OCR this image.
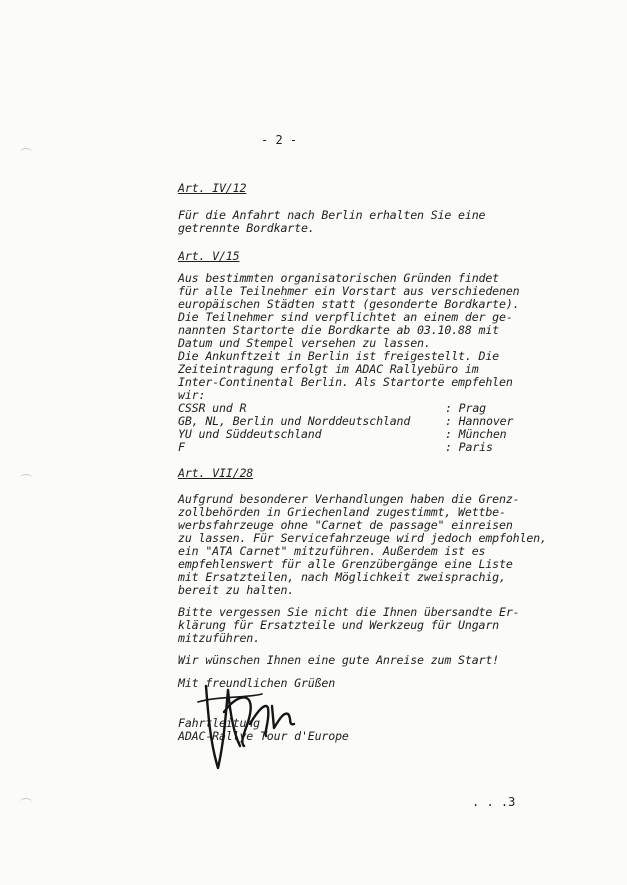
- 2 -
Art. IV/12
Für die Anfahrt nach Berlin erhalten Sie eine
getrennte Bordkarte.
Art. V/15
Aus bestimmten organisatorischen Gründen findet
für alle Teilnehmer ein Vorstart aus verschiedenen
europäischen Städten statt (gesonderte Bordkarte).
Die Teilnehmer sind verpflichtet an einem der ge-
nannten Startorte die Bordkarte ab 03.10.88 mit
Datum und Stempel versehen zu lassen.
Die Ankunftzeit in Berlin ist freigestellt. Die
Zeiteintragung erfolgt im ADAC Rallyebüro im
Inter-Continental Berlin. Als Startorte empfehlen
wir:
CSSR und R	: Prag
GB, NL, Berlin und Norddeutschland	: Hannover
YU und Süddeutschland	: München
F	: Paris
Art. VII/28
Aufgrund besonderer Verhandlungen haben die Grenz-
zollbehörden in Griechenland zugestimmt, Wettbe-
werbsfahrzeuge ohne "Carnet de passage" einreisen
zu lassen. Für Servicefahrzeuge wird jedoch empfohlen,
ein "ATA Carnet" mitzuführen. Außerdem ist es
empfehlenswert für alle Grenzübergänge eine Liste
mit Ersatzteilen, nach Möglichkeit zweisprachig,
bereit zu halten.
Bitte vergessen Sie nicht die Ihnen übersandte Er-
klärung für Ersatzteile und Werkzeug für Ungarn
mitzuführen.
Wir wünschen Ihnen eine gute Anreise zum Start!
Mit freundlichen Grüßen
Fahrtleitung
ADAC-Rallye Tour d'Europe
. . .3
